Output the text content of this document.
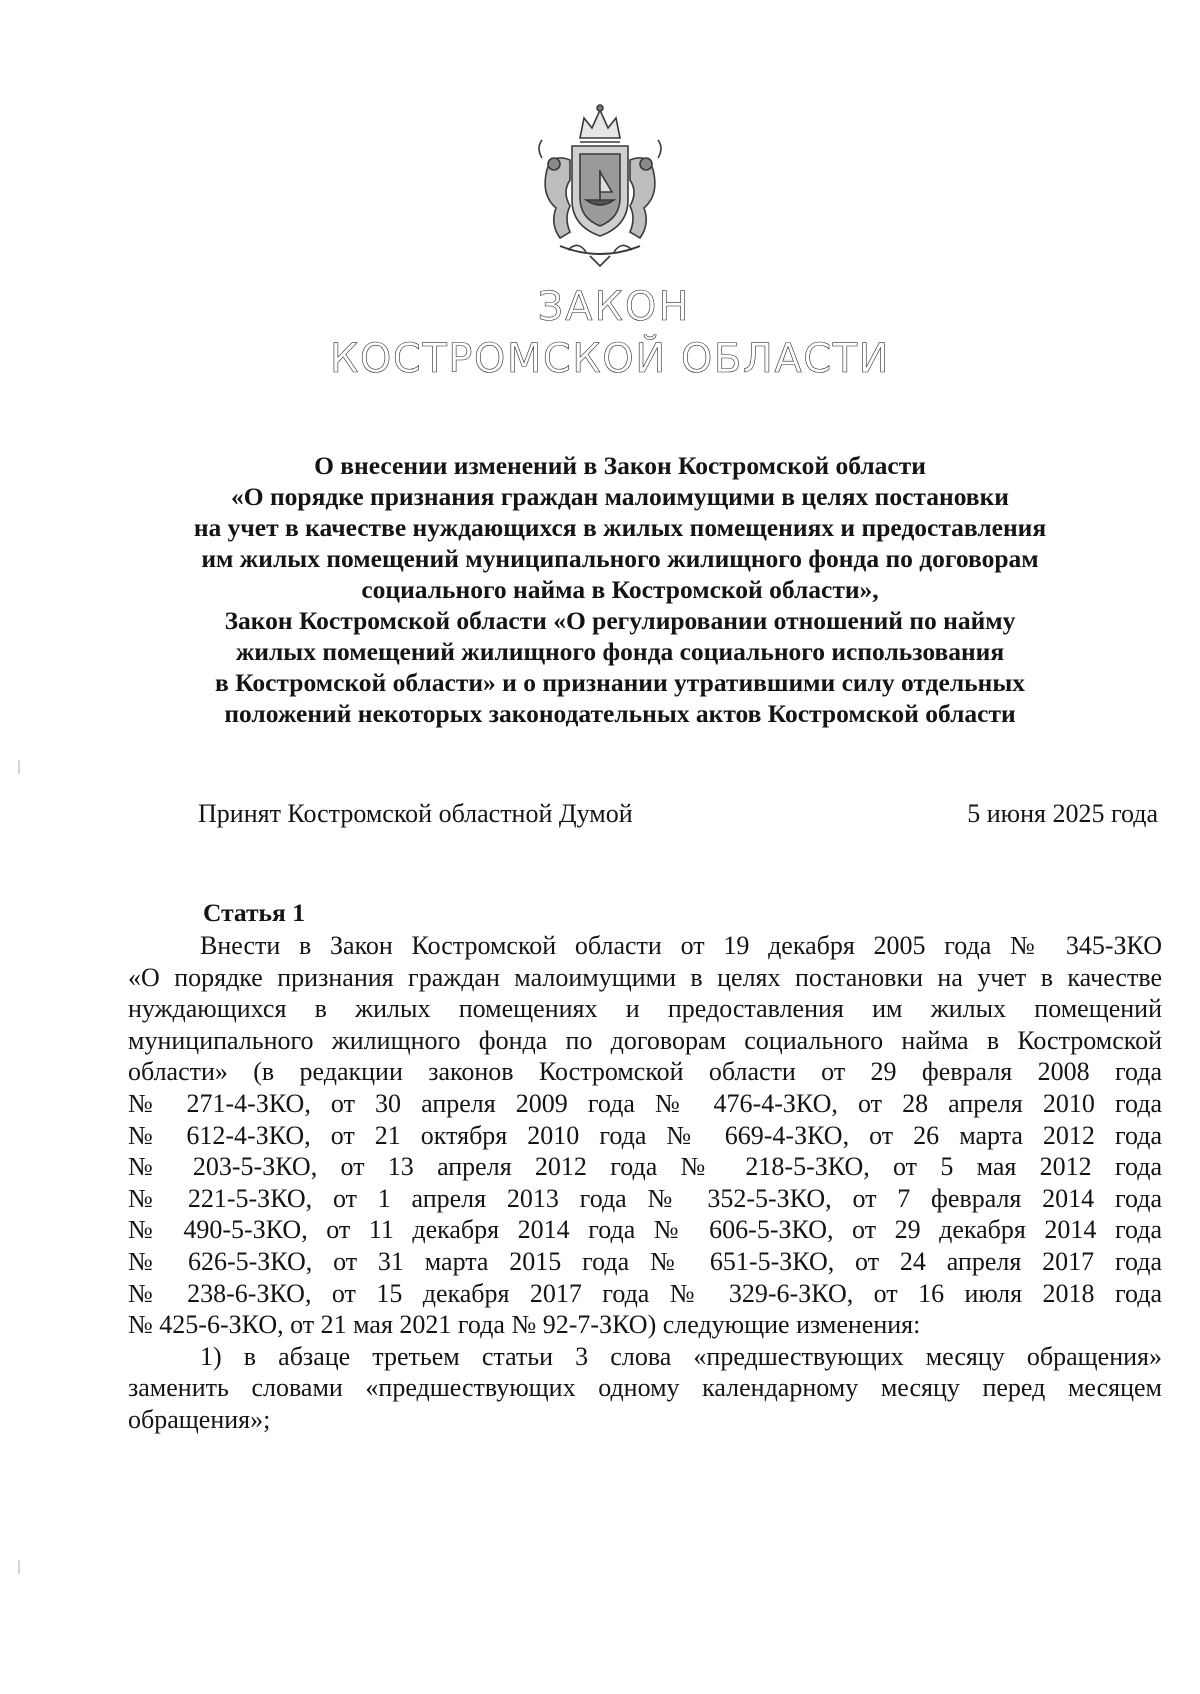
ЗАКОН
КОСТРОМСКОЙ ОБЛАСТИ
О внесении изменений в Закон Костромской области
«О порядке признания граждан малоимущими в целях постановки
на учет в качестве нуждающихся в жилых помещениях и предоставления
им жилых помещений муниципального жилищного фонда по договорам
социального найма в Костромской области»,
Закон Костромской области «О регулировании отношений по найму
жилых помещений жилищного фонда социального использования
в Костромской области» и о признании утратившими силу отдельных
положений некоторых законодательных актов Костромской области
Принят Костромской областной Думой	5 июня 2025 года
Статья 1
Внести в Закон Костромской области от 19 декабря 2005 года № 345-ЗКО
«О порядке признания граждан малоимущими в целях постановки на учет в качестве
нуждающихся в жилых помещениях и предоставления им жилых помещений
муниципального жилищного фонда по договорам социального найма в Костромской
области» (в редакции законов Костромской области от 29 февраля 2008 года
№ 271-4-ЗКО, от 30 апреля 2009 года № 476-4-ЗКО, от 28 апреля 2010 года
№ 612-4-ЗКО, от 21 октября 2010 года № 669-4-ЗКО, от 26 марта 2012 года
№ 203-5-ЗКО, от 13 апреля 2012 года № 218-5-ЗКО, от 5 мая 2012 года
№ 221-5-ЗКО, от 1 апреля 2013 года № 352-5-ЗКО, от 7 февраля 2014 года
№ 490-5-ЗКО, от 11 декабря 2014 года № 606-5-ЗКО, от 29 декабря 2014 года
№ 626-5-ЗКО, от 31 марта 2015 года № 651-5-ЗКО, от 24 апреля 2017 года
№ 238-6-ЗКО, от 15 декабря 2017 года № 329-6-ЗКО, от 16 июля 2018 года
№ 425-6-ЗКО, от 21 мая 2021 года № 92-7-ЗКО) следующие изменения:
1) в абзаце третьем статьи 3 слова «предшествующих месяцу обращения»
заменить словами «предшествующих одному календарному месяцу перед месяцем
обращения»;
